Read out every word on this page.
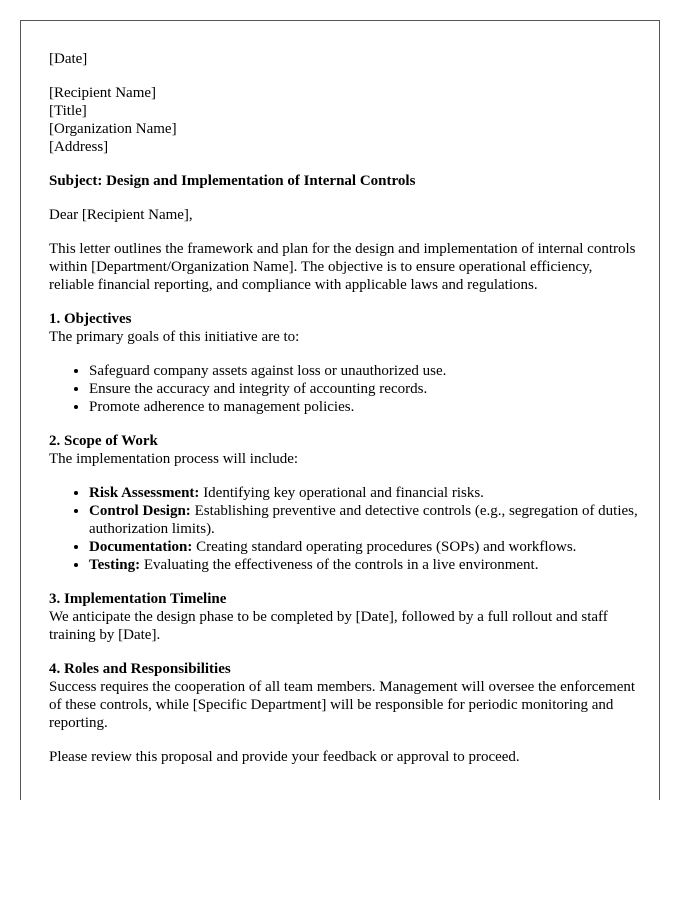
[Date]
[Recipient Name]
[Title]
[Organization Name]
[Address]
Subject: Design and Implementation of Internal Controls
Dear [Recipient Name],
This letter outlines the framework and plan for the design and implementation of internal controls within [Department/Organization Name]. The objective is to ensure operational efficiency, reliable financial reporting, and compliance with applicable laws and regulations.
1. Objectives
The primary goals of this initiative are to:
• Safeguard company assets against loss or unauthorized use.
• Ensure the accuracy and integrity of accounting records.
• Promote adherence to management policies.
2. Scope of Work
The implementation process will include:
• Risk Assessment: Identifying key operational and financial risks.
• Control Design: Establishing preventive and detective controls (e.g., segregation of duties, authorization limits).
• Documentation: Creating standard operating procedures (SOPs) and workflows.
• Testing: Evaluating the effectiveness of the controls in a live environment.
3. Implementation Timeline
We anticipate the design phase to be completed by [Date], followed by a full rollout and staff training by [Date].
4. Roles and Responsibilities
Success requires the cooperation of all team members. Management will oversee the enforcement of these controls, while [Specific Department] will be responsible for periodic monitoring and reporting.
Please review this proposal and provide your feedback or approval to proceed.
